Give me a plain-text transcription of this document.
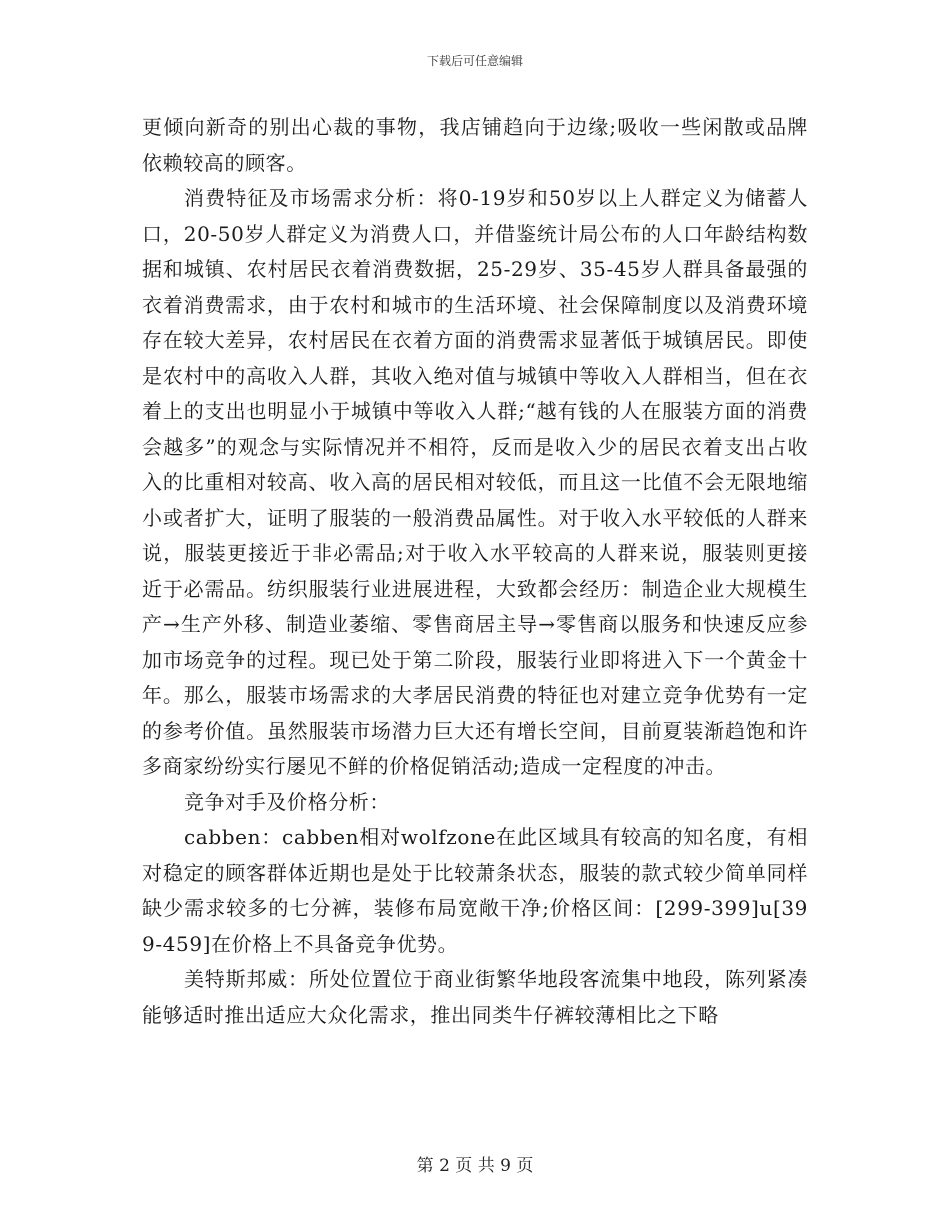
下载后可任意编辑

更倾向新奇的别出心裁的事物，我店铺趋向于边缘;吸收一些闲散或品牌依赖较高的顾客。

消费特征及市场需求分析：将0-19岁和50岁以上人群定义为储蓄人口，20-50岁人群定义为消费人口，并借鉴统计局公布的人口年龄结构数据和城镇、农村居民衣着消费数据，25-29岁、35-45岁人群具备最强的衣着消费需求，由于农村和城市的生活环境、社会保障制度以及消费环境存在较大差异，农村居民在衣着方面的消费需求显著低于城镇居民。即使是农村中的高收入人群，其收入绝对值与城镇中等收入人群相当，但在衣着上的支出也明显小于城镇中等收入人群;“越有钱的人在服装方面的消费会越多”的观念与实际情况并不相符，反而是收入少的居民衣着支出占收入的比重相对较高、收入高的居民相对较低，而且这一比值不会无限地缩小或者扩大，证明了服装的一般消费品属性。对于收入水平较低的人群来说，服装更接近于非必需品;对于收入水平较高的人群来说，服装则更接近于必需品。纺织服装行业进展进程，大致都会经历：制造企业大规模生产→生产外移、制造业萎缩、零售商居主导→零售商以服务和快速反应参加市场竞争的过程。现已处于第二阶段，服装行业即将进入下一个黄金十年。那么，服装市场需求的大孝居民消费的特征也对建立竞争优势有一定的参考价值。虽然服装市场潜力巨大还有增长空间，目前夏装渐趋饱和许多商家纷纷实行屡见不鲜的价格促销活动;造成一定程度的冲击。

竞争对手及价格分析：

cabben：cabben相对wolfzone在此区域具有较高的知名度，有相对稳定的顾客群体近期也是处于比较萧条状态，服装的款式较少简单同样缺少需求较多的七分裤，装修布局宽敞干净;价格区间：[299-399]u[399-459]在价格上不具备竞争优势。

美特斯邦威：所处位置位于商业街繁华地段客流集中地段，陈列紧凑能够适时推出适应大众化需求，推出同类牛仔裤较薄相比之下略

第 2 页 共 9 页
